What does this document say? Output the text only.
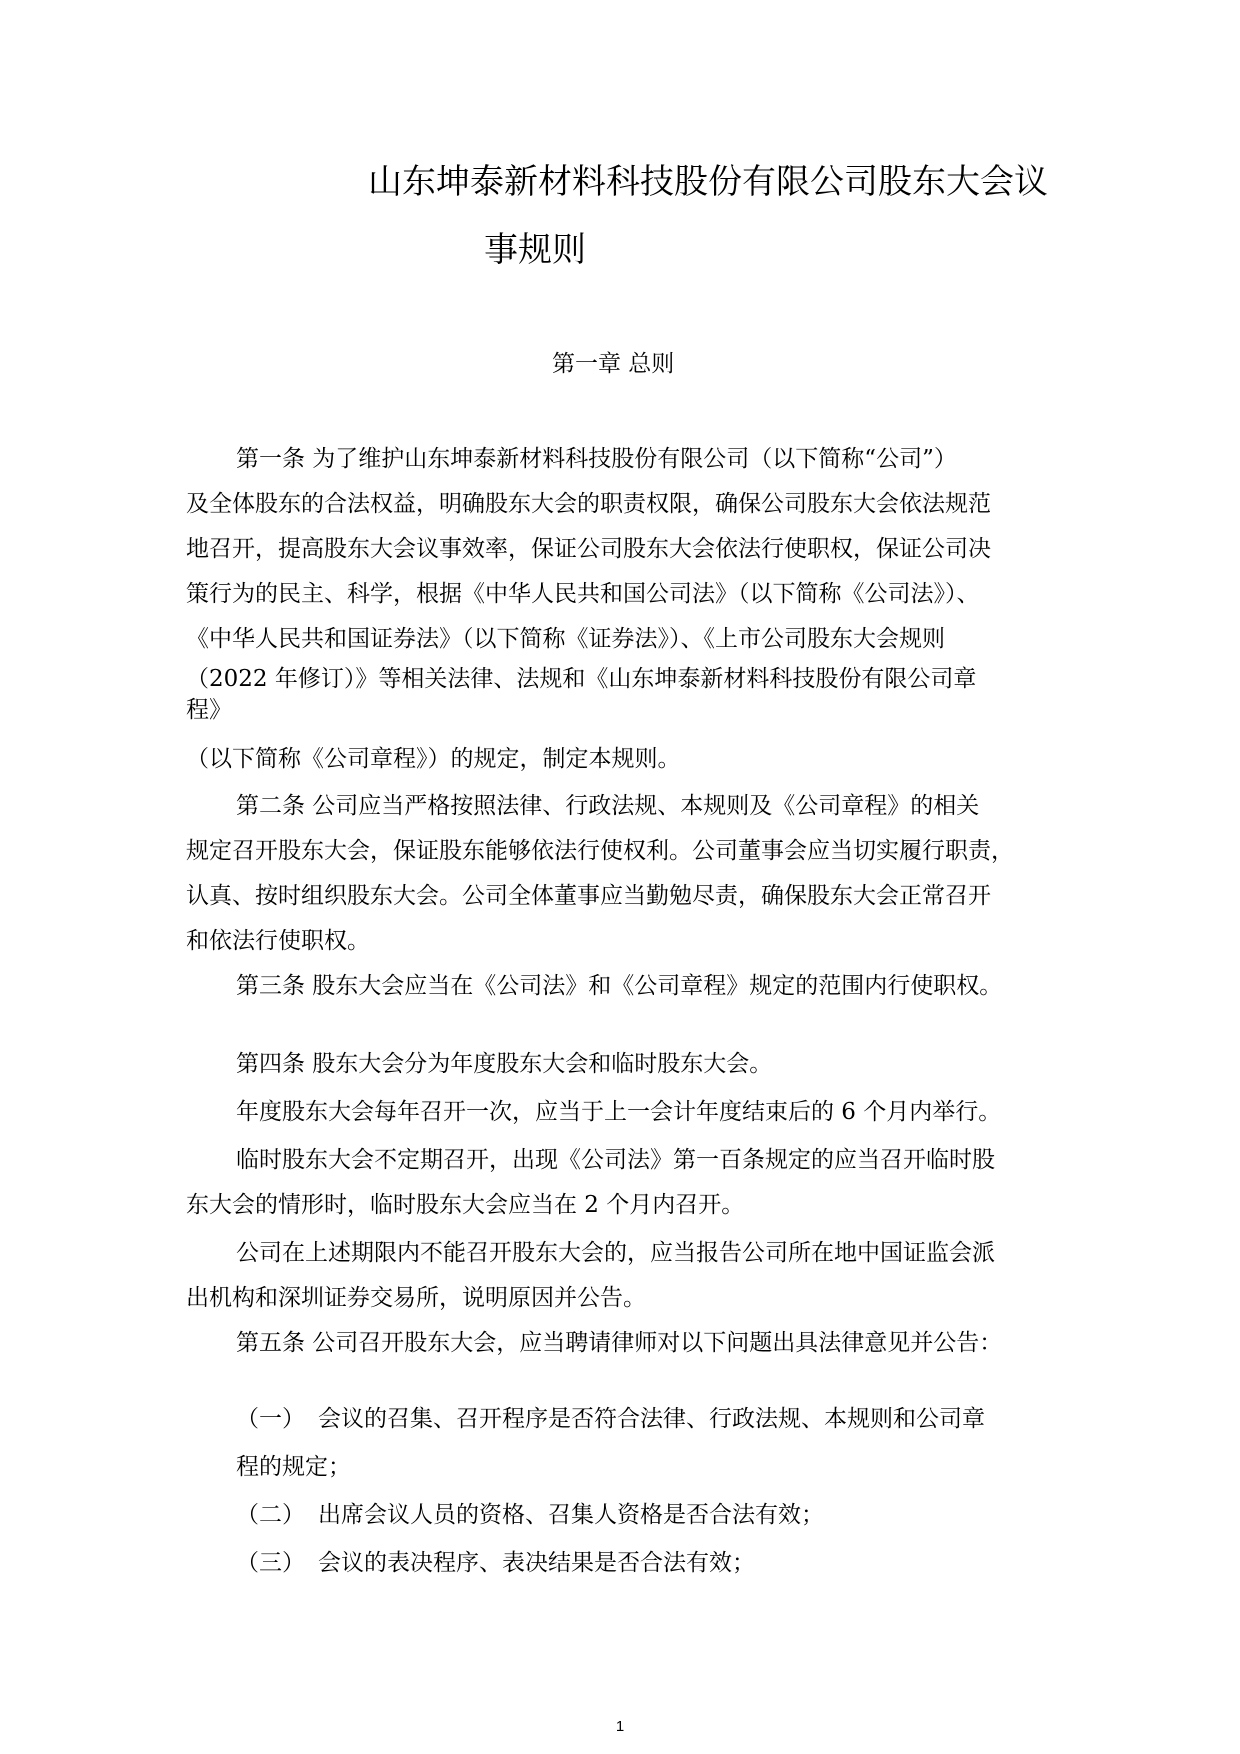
山东坤泰新材料科技股份有限公司股东大会议
事规则
第一章 总则
第一条 为了维护山东坤泰新材料科技股份有限公司（以下简称“公司”）
及全体股东的合法权益，明确股东大会的职责权限，确保公司股东大会依法规范
地召开，提高股东大会议事效率，保证公司股东大会依法行使职权，保证公司决
策行为的民主、科学，根据《中华人民共和国公司法》（以下简称《公司法》）、
《中华人民共和国证券法》（以下简称《证券法》）、《上市公司股东大会规则
（2022 年修订）》等相关法律、法规和《山东坤泰新材料科技股份有限公司章
程》
（以下简称《公司章程》）的规定，制定本规则。
第二条 公司应当严格按照法律、行政法规、本规则及《公司章程》的相关
规定召开股东大会，保证股东能够依法行使权利。公司董事会应当切实履行职责，
认真、按时组织股东大会。公司全体董事应当勤勉尽责，确保股东大会正常召开
和依法行使职权。
第三条 股东大会应当在《公司法》和《公司章程》规定的范围内行使职权。
第四条 股东大会分为年度股东大会和临时股东大会。
年度股东大会每年召开一次，应当于上一会计年度结束后的 6 个月内举行。
临时股东大会不定期召开，出现《公司法》第一百条规定的应当召开临时股
东大会的情形时，临时股东大会应当在 2 个月内召开。
公司在上述期限内不能召开股东大会的，应当报告公司所在地中国证监会派
出机构和深圳证券交易所，说明原因并公告。
第五条 公司召开股东大会，应当聘请律师对以下问题出具法律意见并公告：
（一） 会议的召集、召开程序是否符合法律、行政法规、本规则和公司章
程的规定；
（二） 出席会议人员的资格、召集人资格是否合法有效；
（三） 会议的表决程序、表决结果是否合法有效；
1
